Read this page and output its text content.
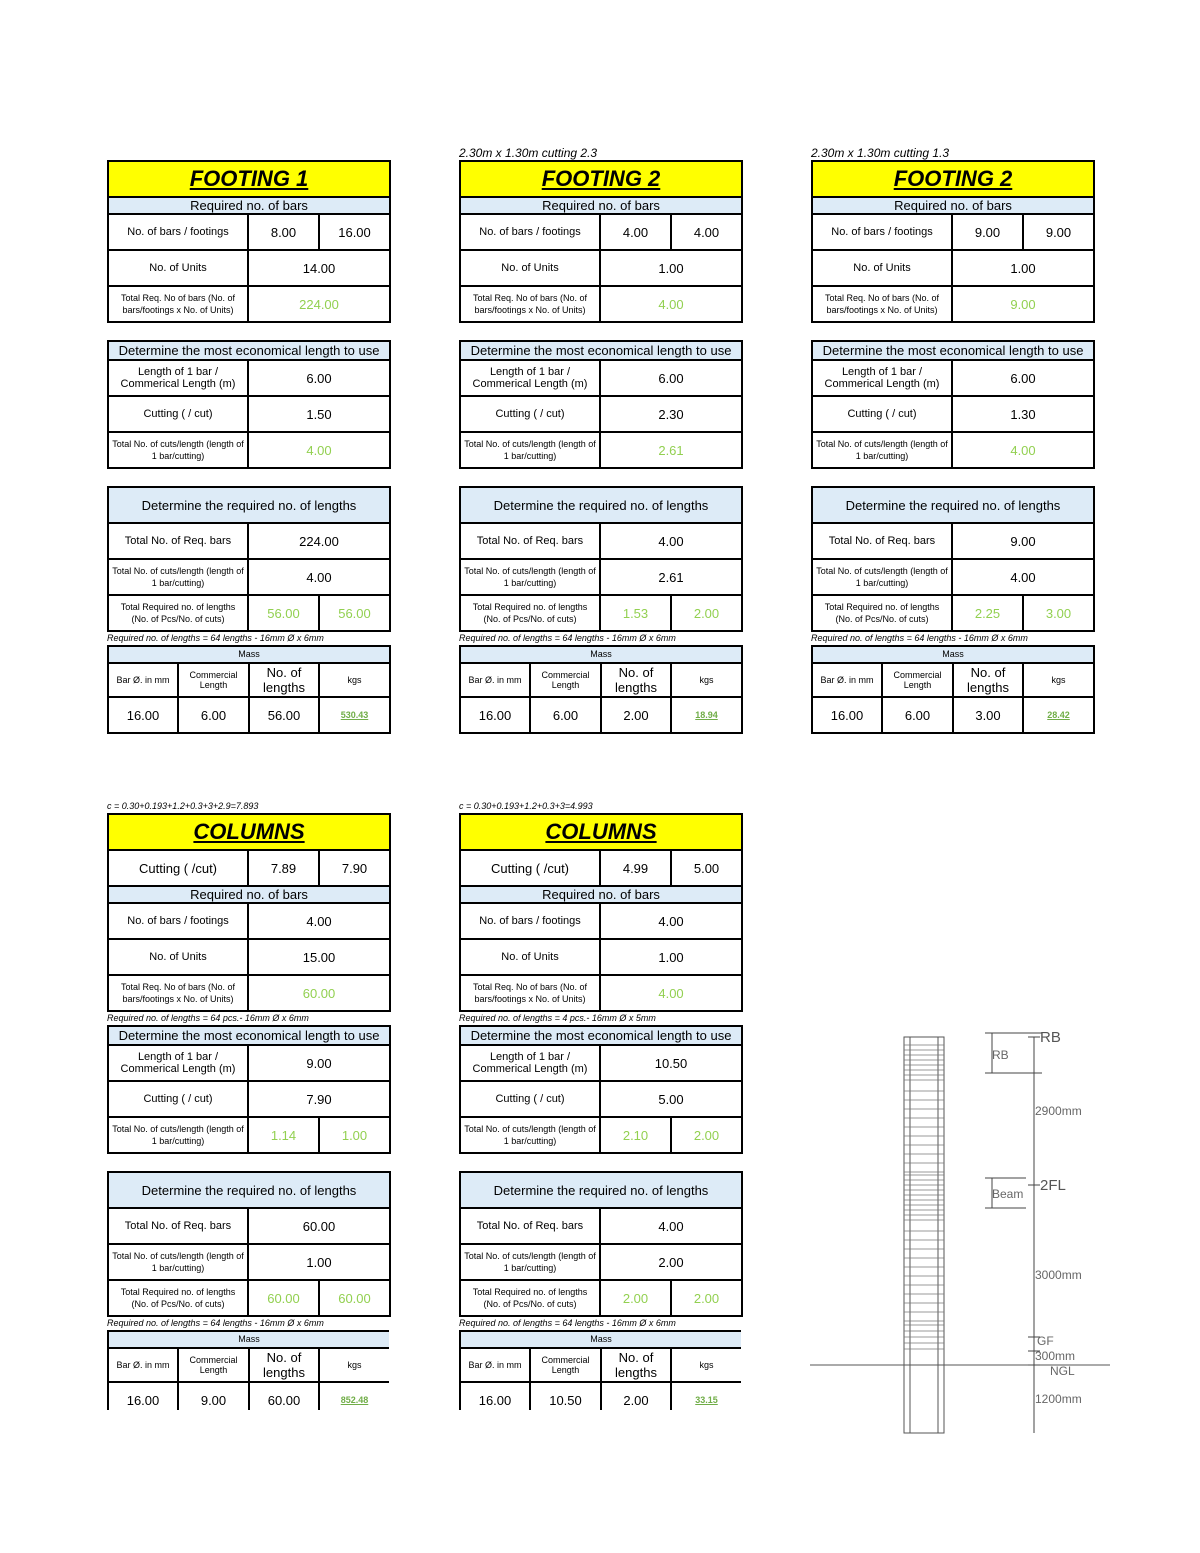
FOOTING 1		
Required no. of bars		
No. of bars / footings	8.00	16.00
No. of Units	14.00	
Total Req. No of bars (No. of bars/footings x No. of Units)	224.00	
Determine the most economical length to use	
Length of 1 bar / Commerical Length (m)	6.00
Cutting ( / cut)	1.50
Total No. of cuts/length (length of 1 bar/cutting)	4.00
Determine the required no. of lengths		
Total No. of Req. bars	224.00	
Total No. of cuts/length (length of 1 bar/cutting)	4.00	
Total Required no. of lengths (No. of Pcs/No. of cuts)	56.00	56.00
Required no. of lengths = 64 lengths - 16mm Ø x 6mm
Mass			
Bar Ø. in mm	Commercial Length	No. of lengths	kgs
16.00	6.00	56.00	530.43
2.30m x 1.30m cutting 2.3
FOOTING 2		
Required no. of bars		
No. of bars / footings	4.00	4.00
No. of Units	1.00	
Total Req. No of bars (No. of bars/footings x No. of Units)	4.00	
Determine the most economical length to use	
Length of 1 bar / Commerical Length (m)	6.00
Cutting ( / cut)	2.30
Total No. of cuts/length (length of 1 bar/cutting)	2.61
Determine the required no. of lengths		
Total No. of Req. bars	4.00	
Total No. of cuts/length (length of 1 bar/cutting)	2.61	
Total Required no. of lengths (No. of Pcs/No. of cuts)	1.53	2.00
Required no. of lengths = 64 lengths - 16mm Ø x 6mm
Mass			
Bar Ø. in mm	Commercial Length	No. of lengths	kgs
16.00	6.00	2.00	18.94
2.30m x 1.30m cutting 1.3
FOOTING 2		
Required no. of bars		
No. of bars / footings	9.00	9.00
No. of Units	1.00	
Total Req. No of bars (No. of bars/footings x No. of Units)	9.00	
Determine the most economical length to use	
Length of 1 bar / Commerical Length (m)	6.00
Cutting ( / cut)	1.30
Total No. of cuts/length (length of 1 bar/cutting)	4.00
Determine the required no. of lengths		
Total No. of Req. bars	9.00	
Total No. of cuts/length (length of 1 bar/cutting)	4.00	
Total Required no. of lengths (No. of Pcs/No. of cuts)	2.25	3.00
Required no. of lengths = 64 lengths - 16mm Ø x 6mm
Mass			
Bar Ø. in mm	Commercial Length	No. of lengths	kgs
16.00	6.00	3.00	28.42
c = 0.30+0.193+1.2+0.3+3+2.9=7.893
COLUMNS		
Cutting ( /cut)	7.89	7.90
Required no. of bars		
No. of bars / footings	4.00	
No. of Units	15.00	
Total Req. No of bars (No. of bars/footings x No. of Units)	60.00	
Required no. of lengths = 64 pcs.- 16mm Ø x 6mm
Determine the most economical length to use		
Length of 1 bar / Commerical Length (m)	9.00	
Cutting ( / cut)	7.90	
Total No. of cuts/length (length of 1 bar/cutting)	1.14	1.00
Determine the required no. of lengths		
Total No. of Req. bars	60.00	
Total No. of cuts/length (length of 1 bar/cutting)	1.00	
Total Required no. of lengths (No. of Pcs/No. of cuts)	60.00	60.00
Required no. of lengths = 64 lengths - 16mm Ø x 6mm
Mass			
Bar Ø. in mm	Commercial Length	No. of lengths	kgs
16.00	9.00	60.00	852.48
c = 0.30+0.193+1.2+0.3+3=4.993
COLUMNS		
Cutting ( /cut)	4.99	5.00
Required no. of bars		
No. of bars / footings	4.00	
No. of Units	1.00	
Total Req. No of bars (No. of bars/footings x No. of Units)	4.00	
Required no. of lengths = 4 pcs.- 16mm Ø x 5mm
Determine the most economical length to use		
Length of 1 bar / Commerical Length (m)	10.50	
Cutting ( / cut)	5.00	
Total No. of cuts/length (length of 1 bar/cutting)	2.10	2.00
Determine the required no. of lengths		
Total No. of Req. bars	4.00	
Total No. of cuts/length (length of 1 bar/cutting)	2.00	
Total Required no. of lengths (No. of Pcs/No. of cuts)	2.00	2.00
Required no. of lengths = 64 lengths - 16mm Ø x 6mm
Mass			
Bar Ø. in mm	Commercial Length	No. of lengths	kgs
16.00	10.50	2.00	33.15
RB
RB
2900mm
2FL
Beam
3000mm
GF
300mm
NGL
1200mm
